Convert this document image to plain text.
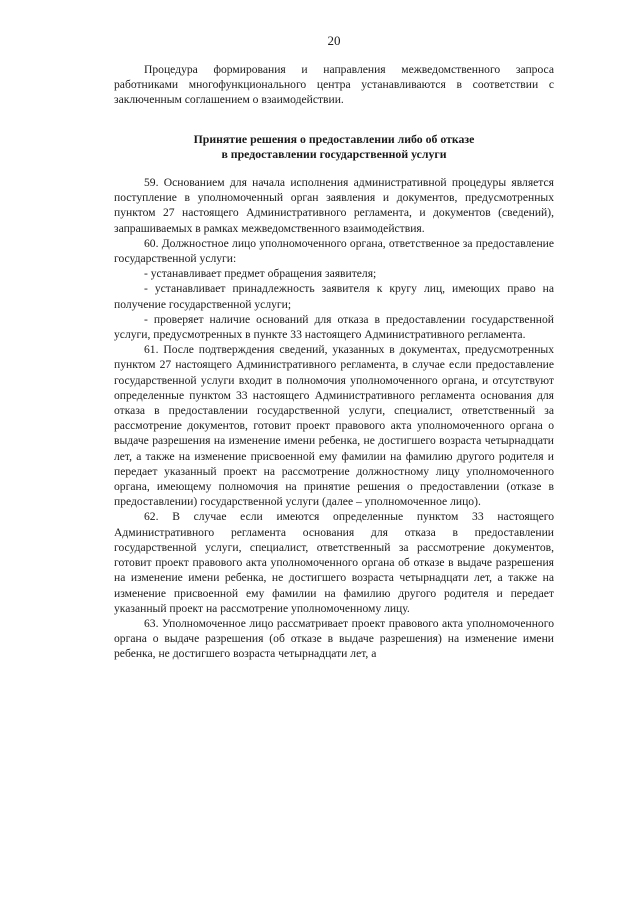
20

Процедура формирования и направления межведомственного запроса работниками многофункционального центра устанавливаются в соответствии с заключенным соглашением о взаимодействии.

Принятие решения о предоставлении либо об отказе

в предоставлении государственной услуги

59. Основанием для начала исполнения административной процедуры является поступление в уполномоченный орган заявления и документов, предусмотренных пунктом 27 настоящего Административного регламента, и документов (сведений), запрашиваемых в рамках межведомственного взаимодействия.

60. Должностное лицо уполномоченного органа, ответственное за предоставление государственной услуги:

- устанавливает предмет обращения заявителя;

- устанавливает принадлежность заявителя к кругу лиц, имеющих право на получение государственной услуги;

- проверяет наличие оснований для отказа в предоставлении государственной услуги, предусмотренных в пункте 33 настоящего Административного регламента.

61. После подтверждения сведений, указанных в документах, предусмотренных пунктом 27 настоящего Административного регламента, в случае если предоставление государственной услуги входит в полномочия уполномоченного органа, и отсутствуют определенные пунктом 33 настоящего Административного регламента основания для отказа в предоставлении государственной услуги, специалист, ответственный за рассмотрение документов, готовит проект правового акта уполномоченного органа о выдаче разрешения на изменение имени ребенка, не достигшего возраста четырнадцати лет, а также на изменение присвоенной ему фамилии на фамилию другого родителя и передает указанный проект на рассмотрение должностному лицу уполномоченного органа, имеющему полномочия на принятие решения о предоставлении (отказе в предоставлении) государственной услуги (далее – уполномоченное лицо).

62. В случае если имеются определенные пунктом 33 настоящего Административного регламента основания для отказа в предоставлении государственной услуги, специалист, ответственный за рассмотрение документов, готовит проект правового акта уполномоченного органа об отказе в выдаче разрешения на изменение имени ребенка, не достигшего возраста четырнадцати лет, а также на изменение присвоенной ему фамилии на фамилию другого родителя и передает указанный проект на рассмотрение уполномоченному лицу.

63. Уполномоченное лицо рассматривает проект правового акта уполномоченного органа о выдаче разрешения (об отказе в выдаче разрешения) на изменение имени ребенка, не достигшего возраста четырнадцати лет, а
